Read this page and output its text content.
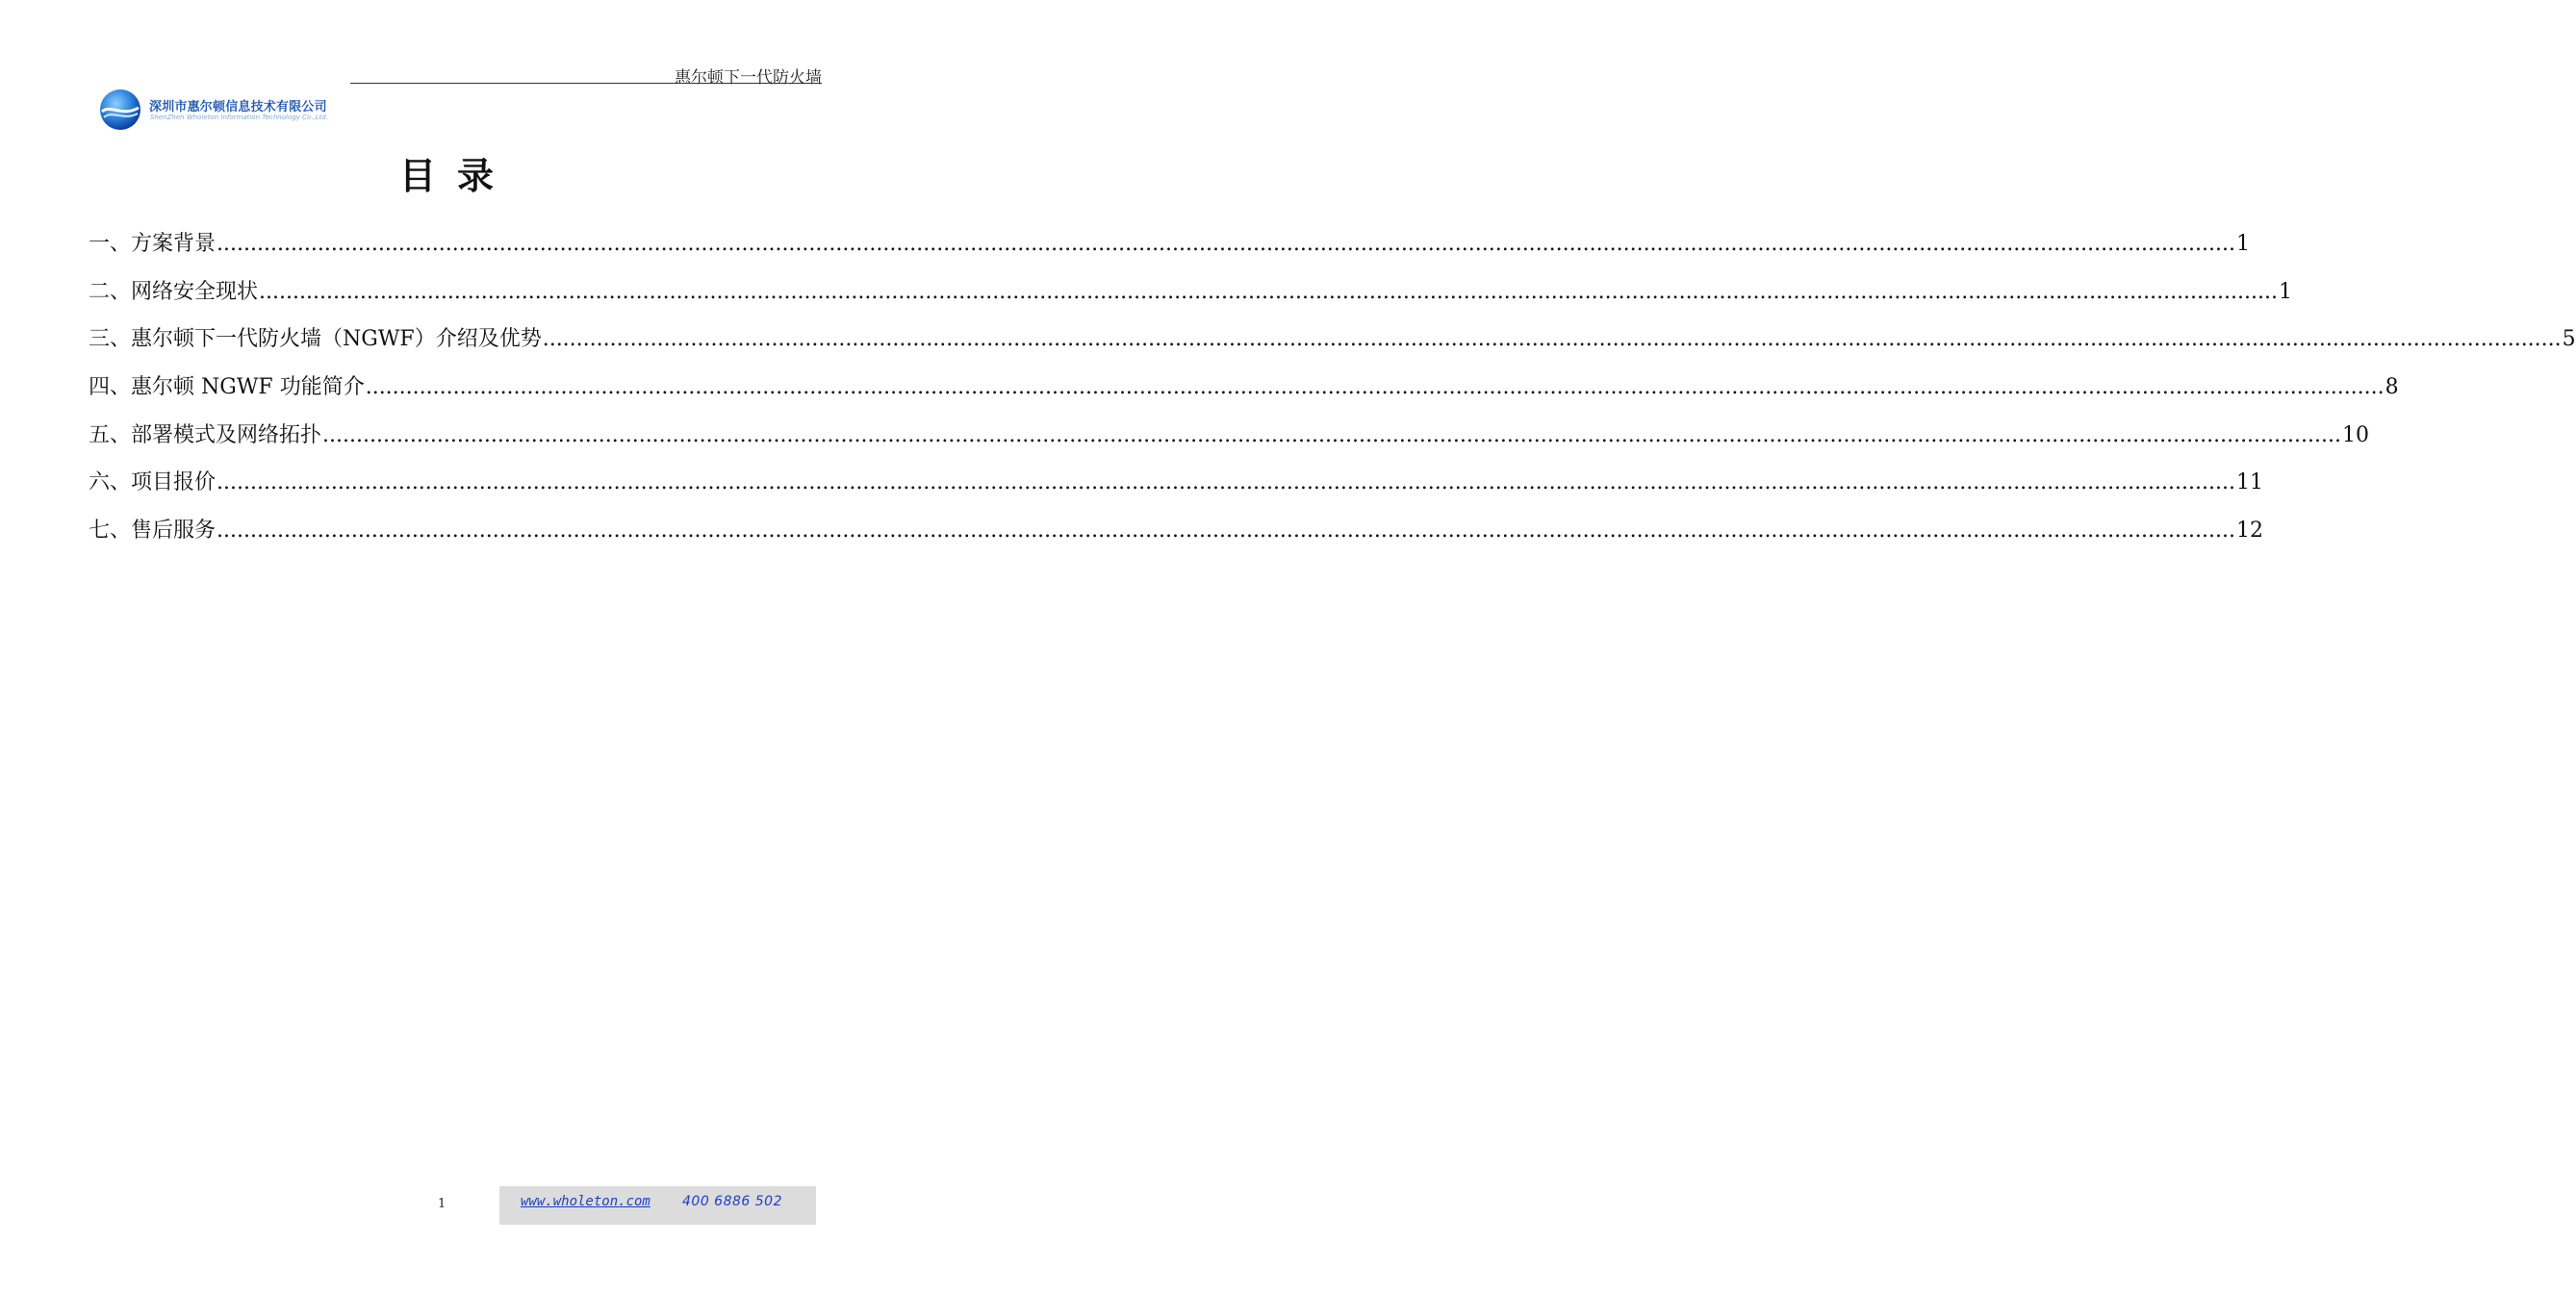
惠尔顿下一代防火墙
深圳市惠尔顿信息技术有限公司
ShenZhen Wholeton Information Technology Co.,Ltd.
目录
一、方案背景 ............................................................................................................................................................................................................................................................................................................ 1
二、网络安全现状 ............................................................................................................................................................................................................................................................................................................ 1
三、惠尔顿下一代防火墙（NGWF）介绍及优势 ............................................................................................................................................................................................................................................................................................................ 5
四、惠尔顿 NGWF 功能简介 ............................................................................................................................................................................................................................................................................................................ 8
五、部署模式及网络拓扑 ............................................................................................................................................................................................................................................................................................................ 10
六、项目报价 ............................................................................................................................................................................................................................................................................................................ 11
七、售后服务 ............................................................................................................................................................................................................................................................................................................ 12
1	www.wholeton.com 400 6886 502
